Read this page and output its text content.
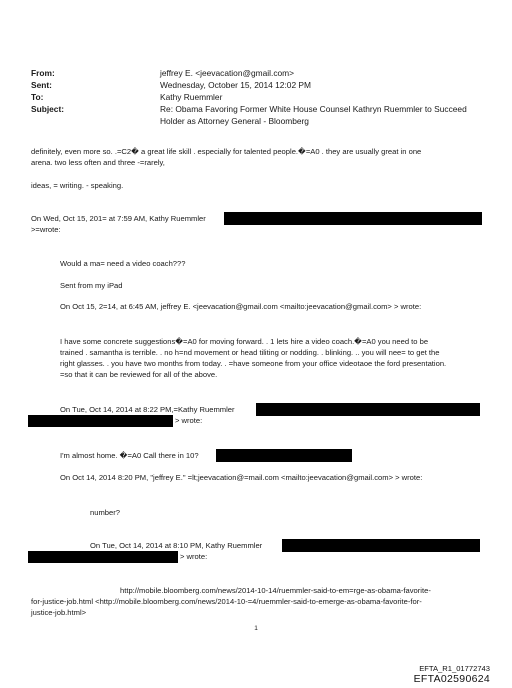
From:	jeffrey E. <jeevacation@gmail.com>
Sent:	Wednesday, October 15, 2014 12:02 PM
To:	Kathy Ruemmler
Subject:	Re: Obama Favoring Former White House Counsel Kathryn Ruemmler to Succeed
Holder as Attorney General - Bloomberg
definitely, even more so. .=C2� a great life skill . especially for talented people.�=A0 . they are usually great in one
arena. two less often and three -=rarely,
ideas, = writing. - speaking.
On Wed, Oct 15, 201= at 7:59 AM, Kathy Ruemmler
>=wrote:
Would a ma= need a video coach???
Sent from my iPad
On Oct 15, 2=14, at 6:45 AM, jeffrey E. <jeevacation@gmail.com <mailto:jeevacation@gmail.com> > wrote:
I have some concrete suggestions�=A0 for moving forward. . 1 lets hire a video coach.�=A0 you need to be
trained . samantha is terrible. . no h=nd movement or head tiliting or nodding. . blinking. .. you will nee= to get the
right glasses. . you have two months from today. . =have someone from your office videotaoe the ford presentation.
=so that it can be reviewed for all of the above.
On Tue, Oct 14, 2014 at 8:22 PM,=Kathy Ruemmler
> wrote:
I'm almost home. �=A0 Call there in 10?
On Oct 14, 2014 8:20 PM, "jeffrey E." =lt;jeevacation@=mail.com <mailto:jeevacation@gmail.com> > wrote:
number?
On Tue, Oct 14, 2014 at 8:10 PM, Kathy Ruemmler
> wrote:
http://mobile.bloomberg.com/news/2014-10-14/ruemmler-said-to-em=rge-as-obama-favorite-
for-justice-job.html <http://mobile.bloomberg.com/news/2014-10-=4/ruemmler-said-to-emerge-as-obama-favorite-for-
justice-job.html>
1
EFTA_R1_01772743
EFTA02590624
